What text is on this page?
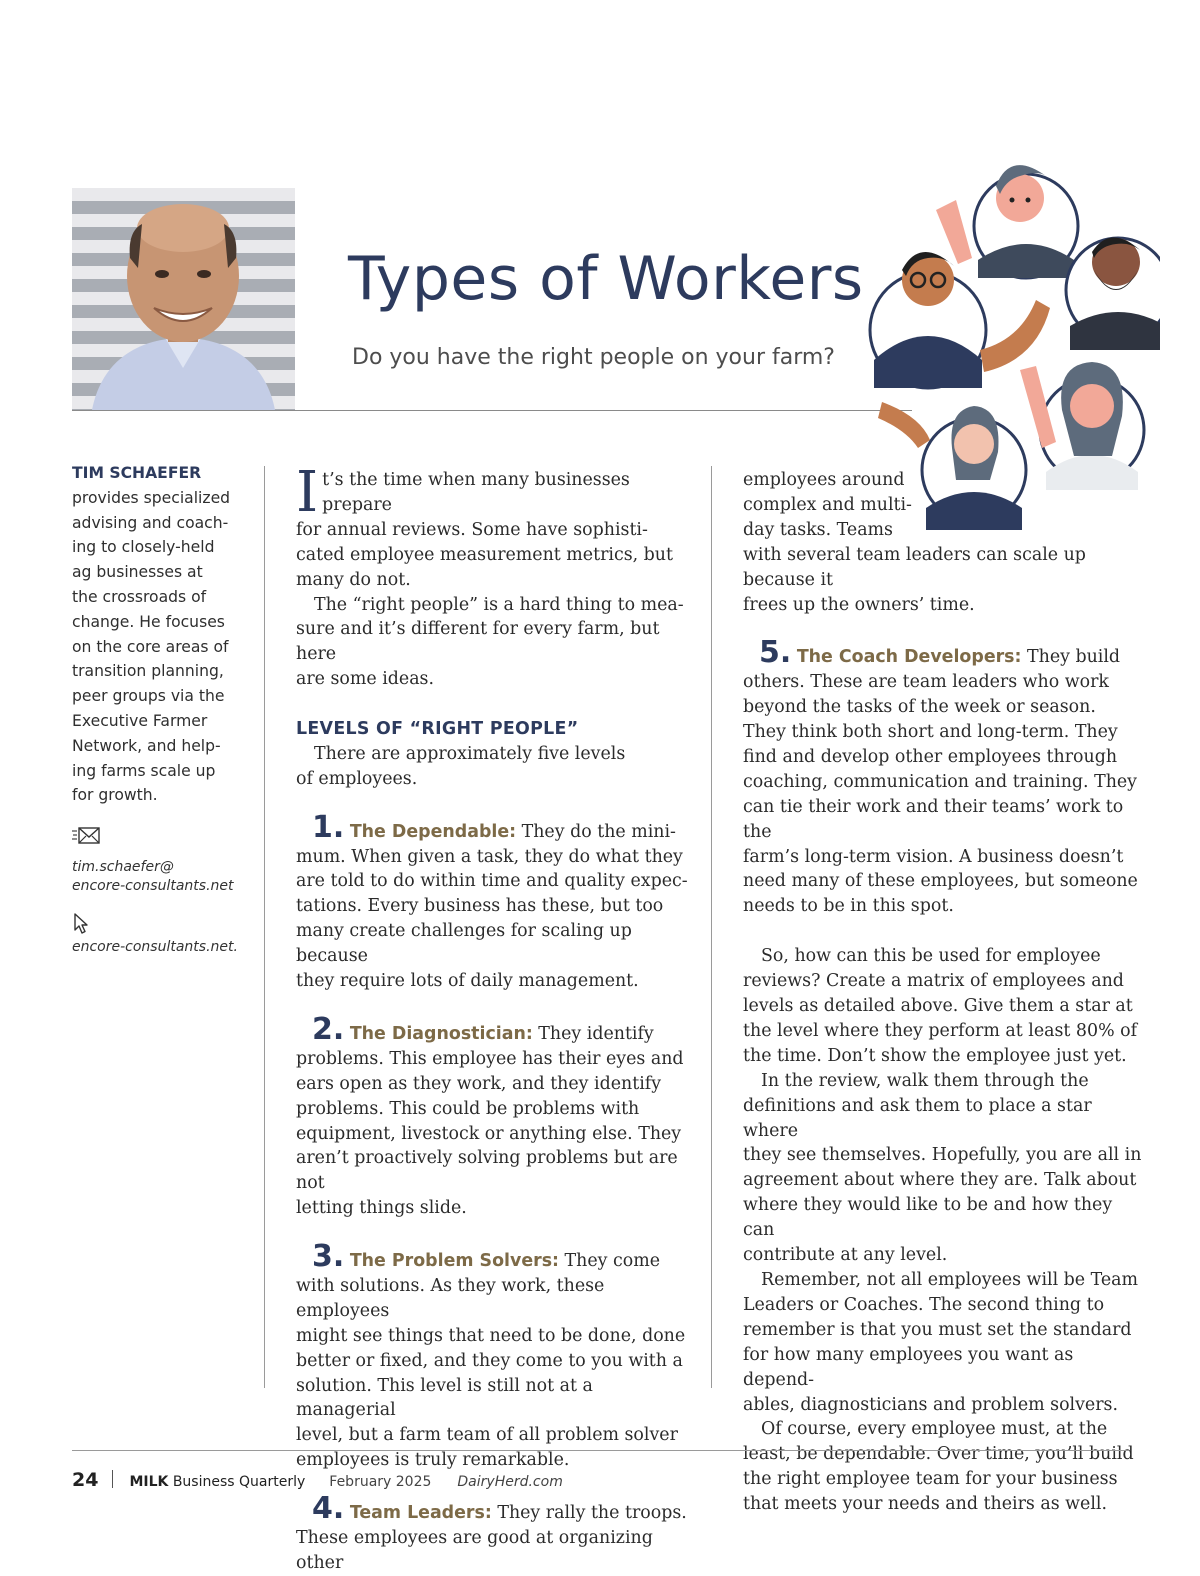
Types of Workers
Do you have the right people on your farm?
TIM SCHAEFER
provides specialized
advising and coach-
ing to closely-held
ag businesses at
the crossroads of
change. He focuses
on the core areas of
transition planning,
peer groups via the
Executive Farmer
Network, and help-
ing farms scale up
for growth.
tim.schaefer@
encore-consultants.net
encore-consultants.net.

I t’s the time when many businesses prepare
for annual reviews. Some have sophisti-
cated employee measurement metrics, but
many do not.

The “right people” is a hard thing to mea-
sure and it’s different for every farm, but here
are some ideas.

LEVELS OF “RIGHT PEOPLE”

There are approximately five levels
of employees.

1. The Dependable: They do the mini-
mum. When given a task, they do what they
are told to do within time and quality expec-
tations. Every business has these, but too
many create challenges for scaling up because
they require lots of daily management.

2. The Diagnostician: They identify
problems. This employee has their eyes and
ears open as they work, and they identify
problems. This could be problems with
equipment, livestock or anything else. They
aren’t proactively solving problems but are not
letting things slide.

3. The Problem Solvers: They come
with solutions. As they work, these employees
might see things that need to be done, done
better or fixed, and they come to you with a
solution. This level is still not at a managerial
level, but a farm team of all problem solver
employees is truly remarkable.

4. Team Leaders: They rally the troops.
These employees are good at organizing other

employees around
complex and multi-
day tasks. Teams
with several team leaders can scale up because it
frees up the owners’ time.

5. The Coach Developers: They build
others. These are team leaders who work
beyond the tasks of the week or season.
They think both short and long-term. They
find and develop other employees through
coaching, communication and training. They
can tie their work and their teams’ work to the
farm’s long-term vision. A business doesn’t
need many of these employees, but someone
needs to be in this spot.

So, how can this be used for employee
reviews? Create a matrix of employees and
levels as detailed above. Give them a star at
the level where they perform at least 80% of
the time. Don’t show the employee just yet.

In the review, walk them through the
definitions and ask them to place a star where
they see themselves. Hopefully, you are all in
agreement about where they are. Talk about
where they would like to be and how they can
contribute at any level.

Remember, not all employees will be Team
Leaders or Coaches. The second thing to
remember is that you must set the standard
for how many employees you want as depend-
ables, diagnosticians and problem solvers.

Of course, every employee must, at the
least, be dependable. Over time, you’ll build
the right employee team for your business
that meets your needs and theirs as well.

24 MILK Business Quarterly February 2025 DairyHerd.com
